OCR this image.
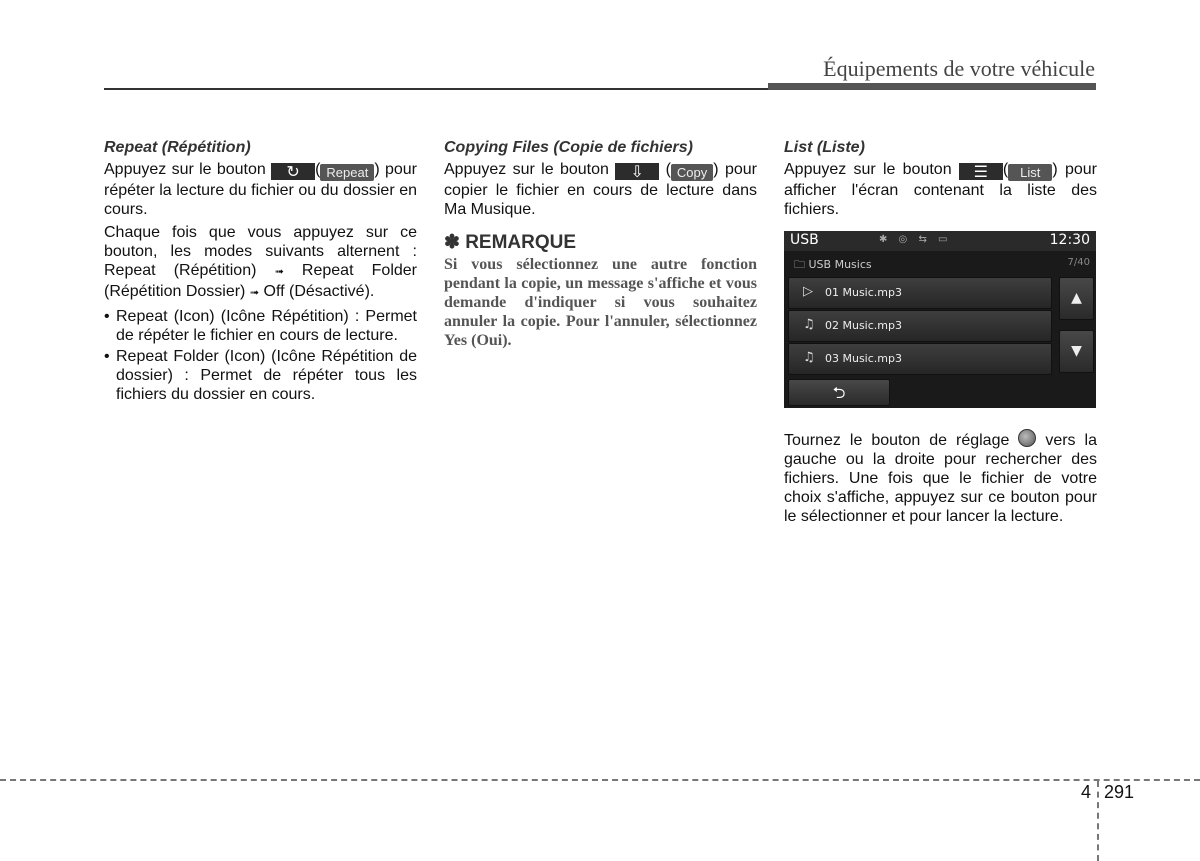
Équipements de votre véhicule
Repeat (Répétition)

Appuyez sur le bouton ↻ ( Repeat ) pour répéter la lecture du fichier ou du dossier en cours.

Chaque fois que vous appuyez sur ce bouton, les modes suivants alternent : Repeat (Répétition) ➟ Repeat Folder (Répétition Dossier) ➟ Off (Désactivé).

• Repeat (Icon) (Icône Répétition) : Permet de répéter le fichier en cours de lecture.
• Repeat Folder (Icon) (Icône Répétition de dossier) : Permet de répéter tous les fichiers du dossier en cours.
Copying Files (Copie de fichiers)

Appuyez sur le bouton ⇩ ( Copy ) pour copier le fichier en cours de lecture dans Ma Musique.

✽ REMARQUE

Si vous sélectionnez une autre fonction pendant la copie, un message s'affiche et vous demande d'indiquer si vous souhaitez annuler la copie. Pour l'annuler, sélectionnez Yes (Oui).

List (Liste)

Appuyez sur le bouton ☰ ( List ) pour afficher l'écran contenant la liste des fichiers.

USB	✱ ◎ ⇆ ▭	12:30
🗀 USB Musics	7/40
▷ 01 Music.mp3
♫ 02 Music.mp3
♫ 03 Music.mp3
▲
▼
⮌

Tournez le bouton de réglage  vers la gauche ou la droite pour rechercher des fichiers. Une fois que le fichier de votre choix s'affiche, appuyez sur ce bouton pour le sélectionner et pour lancer la lecture.

4 291
